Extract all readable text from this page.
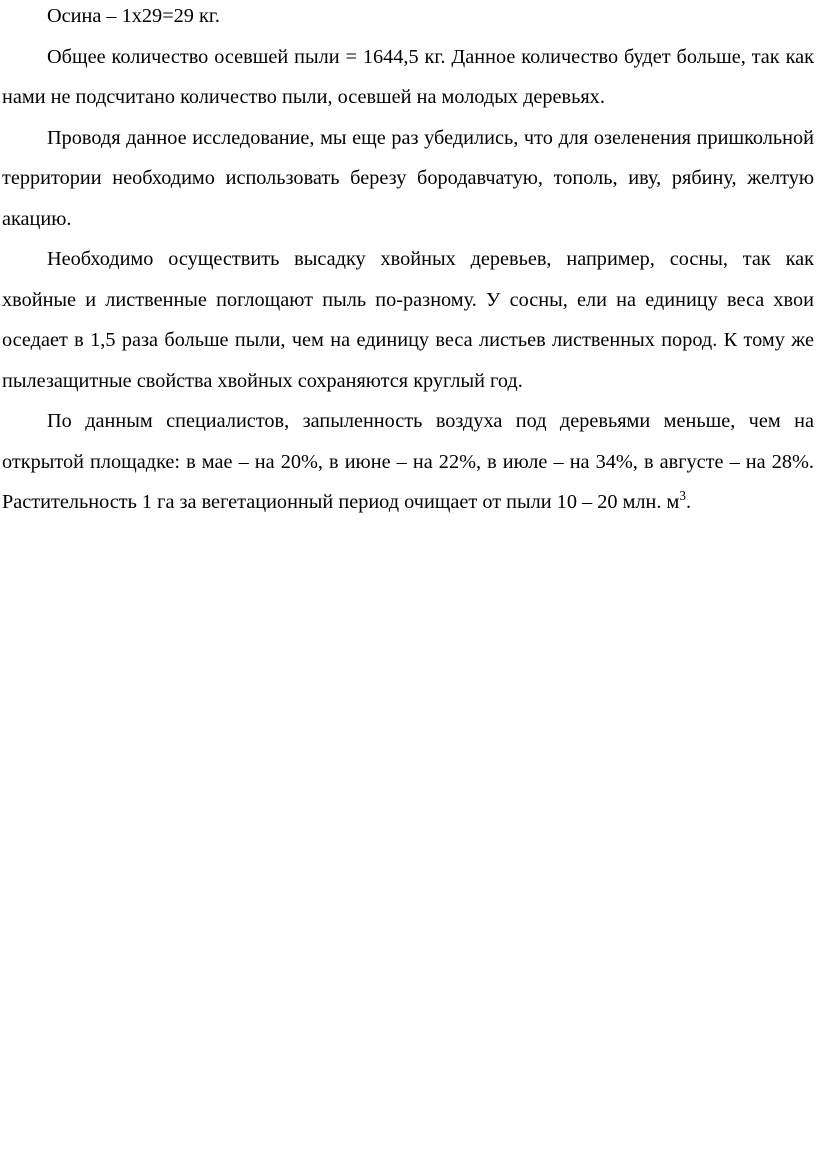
Осина – 1х29=29 кг.

Общее количество осевшей пыли = 1644,5 кг. Данное количество будет больше, так как нами не подсчитано количество пыли, осевшей на молодых деревьях.

Проводя данное исследование, мы еще раз убедились, что для озеленения пришкольной территории необходимо использовать березу бородавчатую, тополь, иву, рябину, желтую акацию.

Необходимо осуществить высадку хвойных деревьев, например, сосны, так как хвойные и лиственные поглощают пыль по-разному. У сосны, ели на единицу веса хвои оседает в 1,5 раза больше пыли, чем на единицу веса листьев лиственных пород. К тому же пылезащитные свойства хвойных сохраняются круглый год.

По данным специалистов, запыленность воздуха под деревьями меньше, чем на открытой площадке: в мае – на 20%, в июне – на 22%, в июле – на 34%, в августе – на 28%. Растительность 1 га за вегетационный период очищает от пыли 10 – 20 млн. $м^3$.
